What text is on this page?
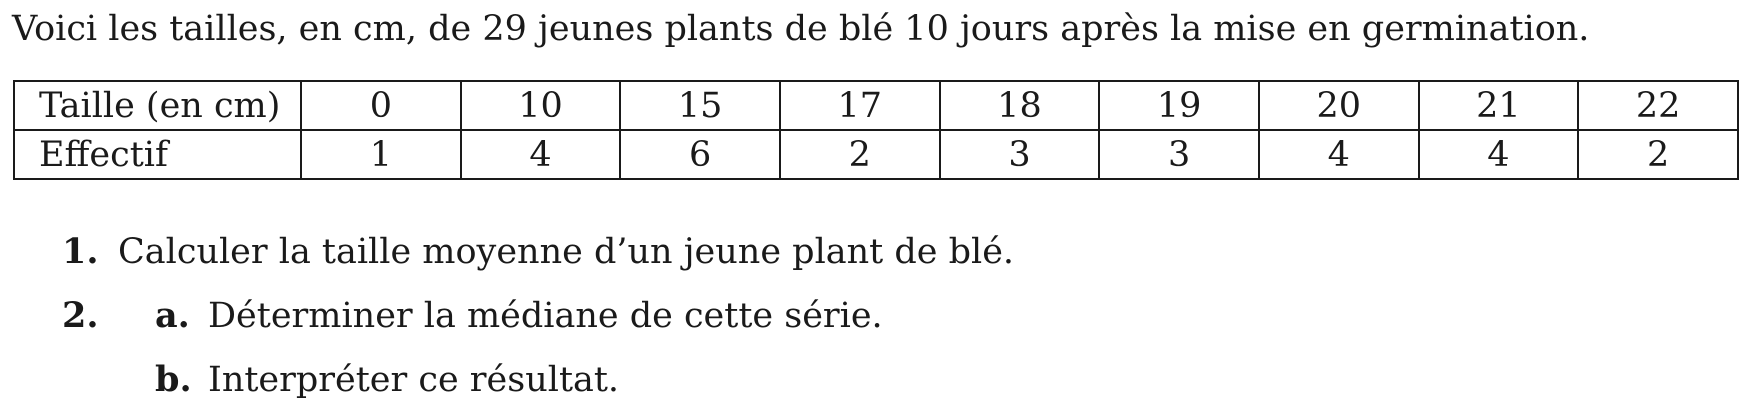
Voici les tailles, en cm, de 29 jeunes plants de blé 10 jours après la mise en germination.
Taille (en cm)	0	10	15	17	18	19	20	21	22
Effectif	1	4	6	2	3	3	4	4	2
1. Calculer la taille moyenne d’un jeune plant de blé.
2. a. Déterminer la médiane de cette série.
b. Interpréter ce résultat.
